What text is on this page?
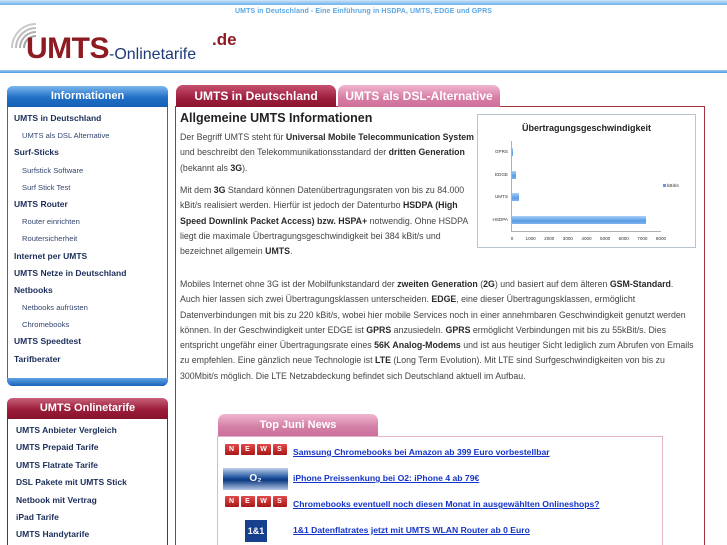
UMTS in Deutschland - Eine Einführung in HSDPA, UMTS, EDGE und GPRS
UMTS -Onlinetarife
.de
Informationen
UMTS in Deutschland
UMTS als DSL Alternative
Surf-Sticks
Surfstick Software
Surf Stick Test
UMTS Router
Router einrichten
Routersicherheit
Internet per UMTS
UMTS Netze in Deutschland
Netbooks
Netbooks aufrüsten
Chromebooks
UMTS Speedtest
Tarifberater
UMTS Onlinetarife
UMTS Anbieter Vergleich
UMTS Prepaid Tarife
UMTS Flatrate Tarife
DSL Pakete mit UMTS Stick
Netbook mit Vertrag
iPad Tarife
UMTS Handytarife
UMTS in Deutschland	UMTS als DSL-Alternative
Allgemeine UMTS Informationen
Der Begriff UMTS steht für Universal Mobile Telecommunication System und beschreibt den Telekommunikationsstandard der dritten Generation (bekannt als 3G).
Mit dem 3G Standard können Datenübertragungsraten von bis zu 84.000 kBit/s realisiert werden. Hierfür ist jedoch der Datenturbo HSDPA (High Speed Downlink Packet Access) bzw. HSPA+ notwendig. Ohne HSDPA liegt die maximale Übertragungsgeschwindigkeit bei 384 kBit/s und bezeichnet allgemein UMTS.
Mobiles Internet ohne 3G ist der Mobilfunkstandard der zweiten Generation (2G) und basiert auf dem älteren GSM-Standard. Auch hier lassen sich zwei Übertragungsklassen unterscheiden. EDGE, eine dieser Übertragungsklassen, ermöglicht Datenverbindungen mit bis zu 220 kBit/s, wobei hier mobile Services noch in einer annehmbaren Geschwindigkeit genutzt werden können. In der Geschwindigkeit unter EDGE ist GPRS anzusiedeln. GPRS ermöglicht Verbindungen mit bis zu 55kBit/s. Dies entspricht ungefähr einer Übertragungsrate eines 56K Analog-Modems und ist aus heutiger Sicht lediglich zum Abrufen von Emails zu empfehlen. Eine gänzlich neue Technologie ist LTE (Long Term Evolution). Mit LTE sind Surfgeschwindigkeiten von bis zu 300Mbit/s möglich. Die LTE Netzabdeckung befindet sich Deutschland aktuell im Aufbau.
Übertragungsgeschwindigkeit
GPRS
EDGE
UMTS
HSDPA
0	1000 2000 3000 4000 5000 6000 7000 8000
kBit/s
Top Juni News
N	E	W	S	Samsung Chromebooks bei Amazon ab 399 Euro vorbestellbar
O₂	iPhone Preissenkung bei O2: iPhone 4 ab 79€
N	E	W	S	Chromebooks eventuell noch diesen Monat in ausgewählten Onlineshops?
1&1	1&1 Datenflatrates jetzt mit UMTS WLAN Router ab 0 Euro
